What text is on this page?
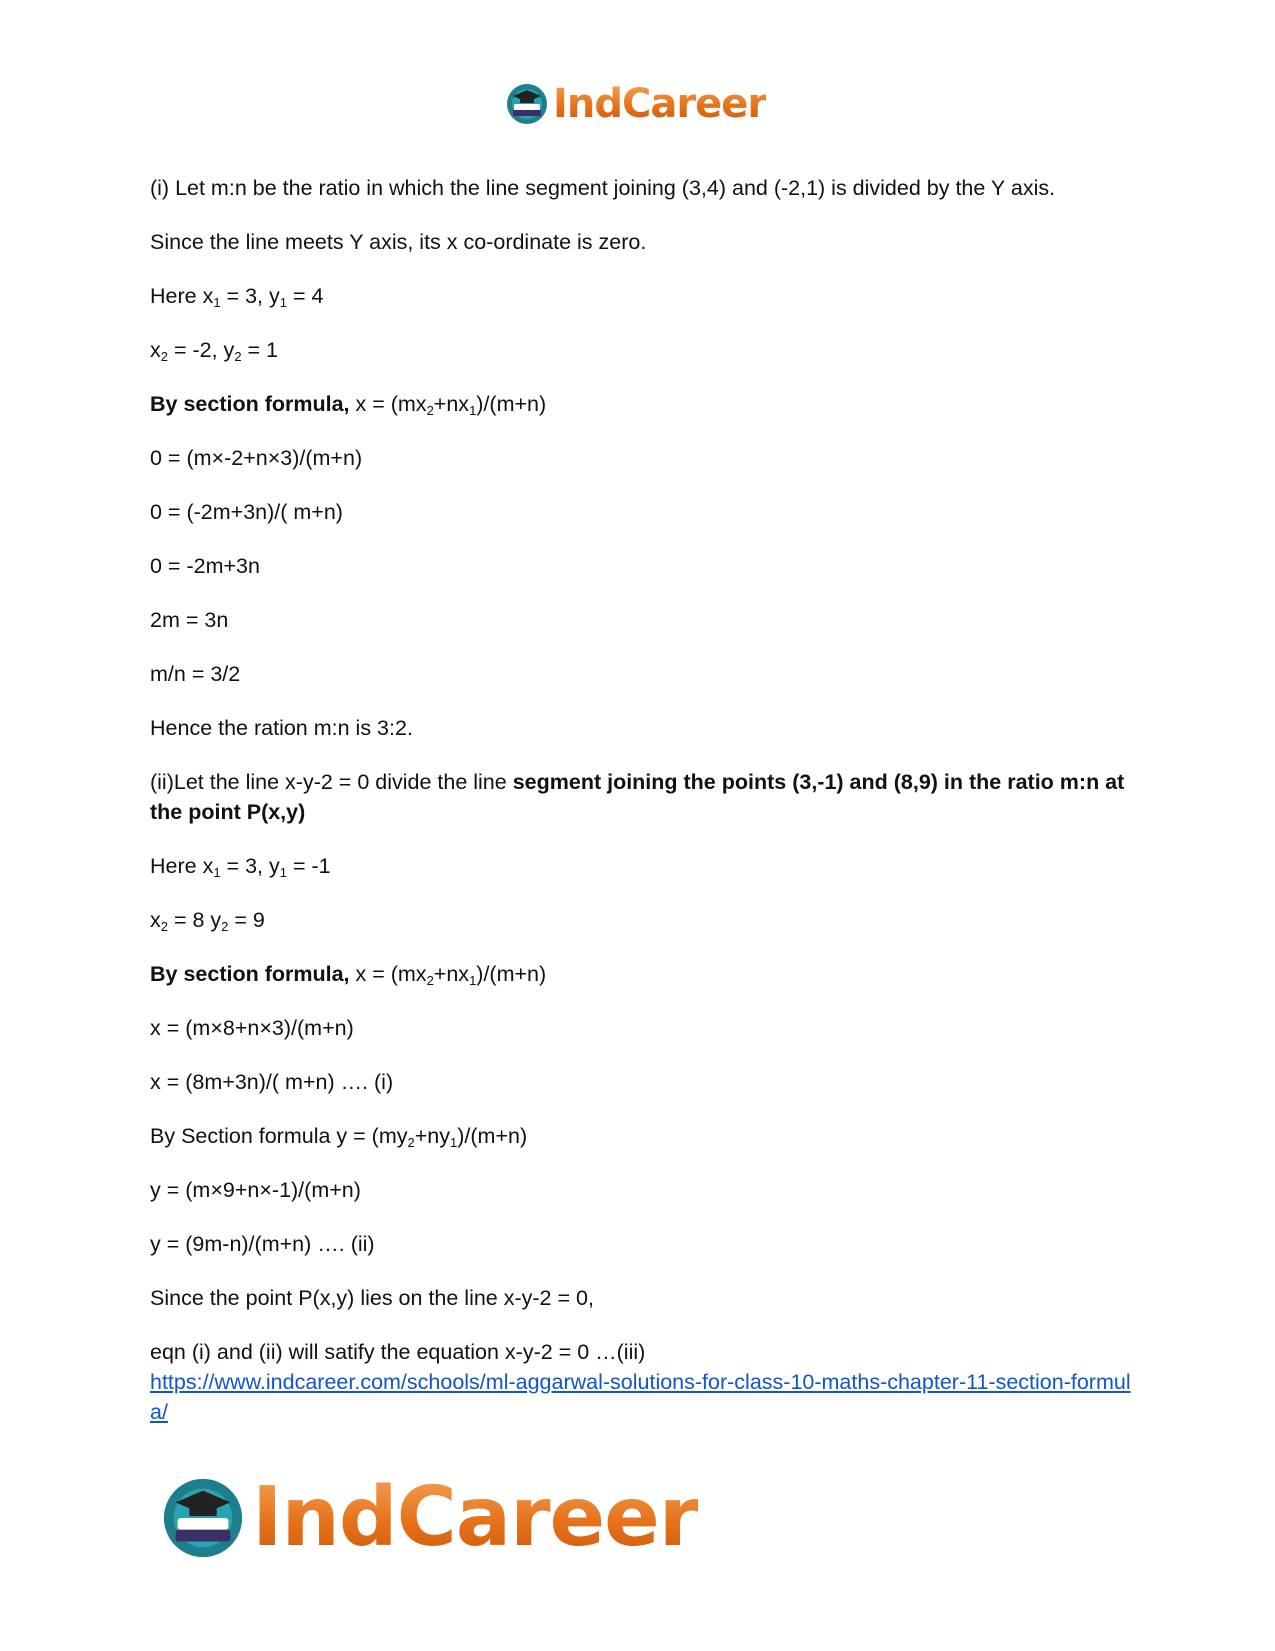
IndCareer

(i) Let m:n be the ratio in which the line segment joining (3,4) and (-2,1) is divided by the Y axis.

Since the line meets Y axis, its x co-ordinate is zero.

Here $x_1 = 3$, $y_1 = 4$

$x_2 = -2$, $y_2 = 1$

By section formula, $x = (mx_2+nx_1)/(m+n)$

0 = (m×-2+n×3)/(m+n)

0 = (-2m+3n)/( m+n)

0 = -2m+3n

2m = 3n

m/n = 3/2

Hence the ration m:n is 3:2.

(ii)Let the line x-y-2 = 0 divide the line segment joining the points (3,-1) and (8,9) in the ratio m:n at the point P(x,y)

Here $x_1 = 3$, $y_1 = -1$

$x_2 = 8$ $y_2 = 9$

By section formula, $x = (mx_2+nx_1)/(m+n)$

x = (m×8+n×3)/(m+n)

x = (8m+3n)/( m+n) …. (i)

By Section formula $y = (my_2+ny_1)/(m+n)$

y = (m×9+n×-1)/(m+n)

y = (9m-n)/(m+n) …. (ii)

Since the point P(x,y) lies on the line x-y-2 = 0,

eqn (i) and (ii) will satify the equation x-y-2 = 0 …(iii)

https://www.indcareer.com/schools/ml-aggarwal-solutions-for-class-10-maths-chapter-11-section-formula/
IndCareer
